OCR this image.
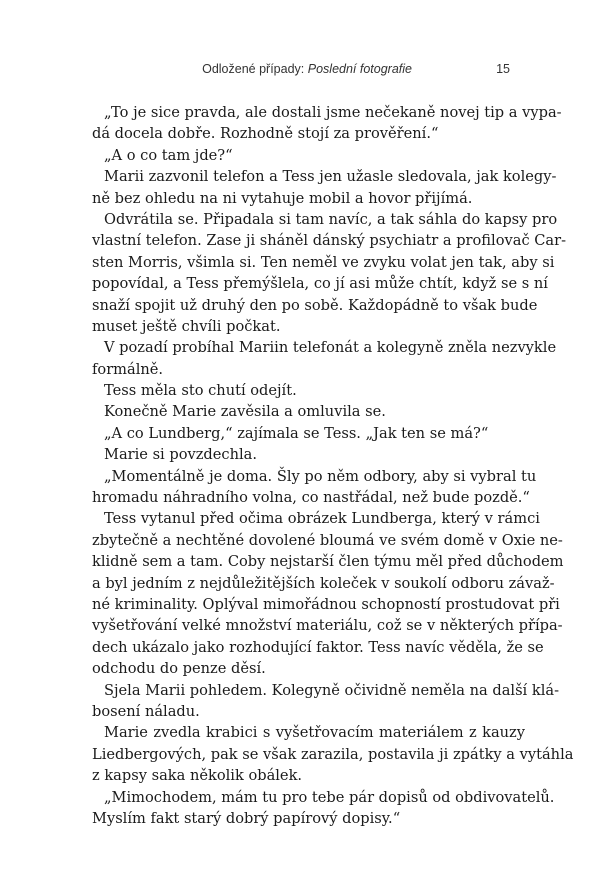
Odložené případy: Poslední fotografie	15
„To je sice pravda, ale dostali jsme nečekaně novej tip a vypa-
dá docela dobře. Rozhodně stojí za prověření.“
„A o co tam jde?“
Marii zazvonil telefon a Tess jen užasle sledovala, jak kolegy-
ně bez ohledu na ni vytahuje mobil a hovor přijímá.
Odvrátila se. Připadala si tam navíc, a tak sáhla do kapsy pro
vlastní telefon. Zase ji sháněl dánský psychiatr a profilovač Car-
sten Morris, všimla si. Ten neměl ve zvyku volat jen tak, aby si
popovídal, a Tess přemýšlela, co jí asi může chtít, když se s ní
snaží spojit už druhý den po sobě. Každopádně to však bude
muset ještě chvíli počkat.
V pozadí probíhal Mariin telefonát a kolegyně zněla nezvykle
formálně.
Tess měla sto chutí odejít.
Konečně Marie zavěsila a omluvila se.
„A co Lundberg,“ zajímala se Tess. „Jak ten se má?“
Marie si povzdechla.
„Momentálně je doma. Šly po něm odbory, aby si vybral tu
hromadu náhradního volna, co nastřádal, než bude pozdě.“
Tess vytanul před očima obrázek Lundberga, který v rámci
zbytečně a nechtěné dovolené bloumá ve svém domě v Oxie ne-
klidně sem a tam. Coby nejstarší člen týmu měl před důchodem
a byl jedním z nejdůležitějších koleček v soukolí odboru závaž-
né kriminality. Oplýval mimořádnou schopností prostudovat při
vyšetřování velké množství materiálu, což se v některých přípa-
dech ukázalo jako rozhodující faktor. Tess navíc věděla, že se
odchodu do penze děsí.
Sjela Marii pohledem. Kolegyně očividně neměla na další klá-
bosení náladu.
Marie zvedla krabici s vyšetřovacím materiálem z kauzy
Liedbergových, pak se však zarazila, postavila ji zpátky a vytáhla
z kapsy saka několik obálek.
„Mimochodem, mám tu pro tebe pár dopisů od obdivovatelů.
Myslím fakt starý dobrý papírový dopisy.“
